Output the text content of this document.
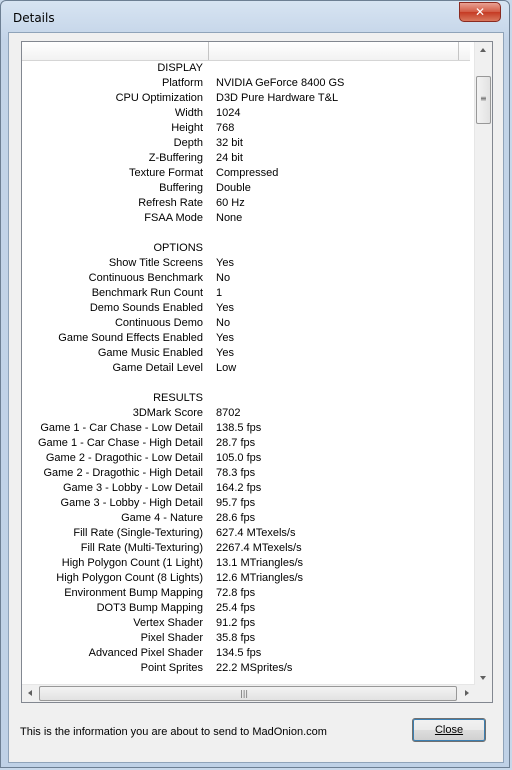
Details	✕
DISPLAY
Platform NVIDIA GeForce 8400 GS
CPU Optimization D3D Pure Hardware T&L
Width 1024
Height 768
Depth 32 bit
Z-Buffering 24 bit
Texture Format Compressed
Buffering Double
Refresh Rate 60 Hz
FSAA Mode None
OPTIONS
Show Title Screens Yes
Continuous Benchmark No
Benchmark Run Count 1
Demo Sounds Enabled Yes
Continuous Demo No
Game Sound Effects Enabled Yes
Game Music Enabled Yes
Game Detail Level Low
RESULTS
3DMark Score 8702
Game 1 - Car Chase - Low Detail 138.5 fps
Game 1 - Car Chase - High Detail 28.7 fps
Game 2 - Dragothic - Low Detail 105.0 fps
Game 2 - Dragothic - High Detail 78.3 fps
Game 3 - Lobby - Low Detail 164.2 fps
Game 3 - Lobby - High Detail 95.7 fps
Game 4 - Nature 28.6 fps
Fill Rate (Single-Texturing) 627.4 MTexels/s
Fill Rate (Multi-Texturing) 2267.4 MTexels/s
High Polygon Count (1 Light) 13.1 MTriangles/s
High Polygon Count (8 Lights) 12.6 MTriangles/s
Environment Bump Mapping 72.8 fps
DOT3 Bump Mapping 25.4 fps
Vertex Shader 91.2 fps
Pixel Shader 35.8 fps
Advanced Pixel Shader 134.5 fps
Point Sprites 22.2 MSprites/s
≡
|||
This is the information you are about to send to MadOnion.com	Close
